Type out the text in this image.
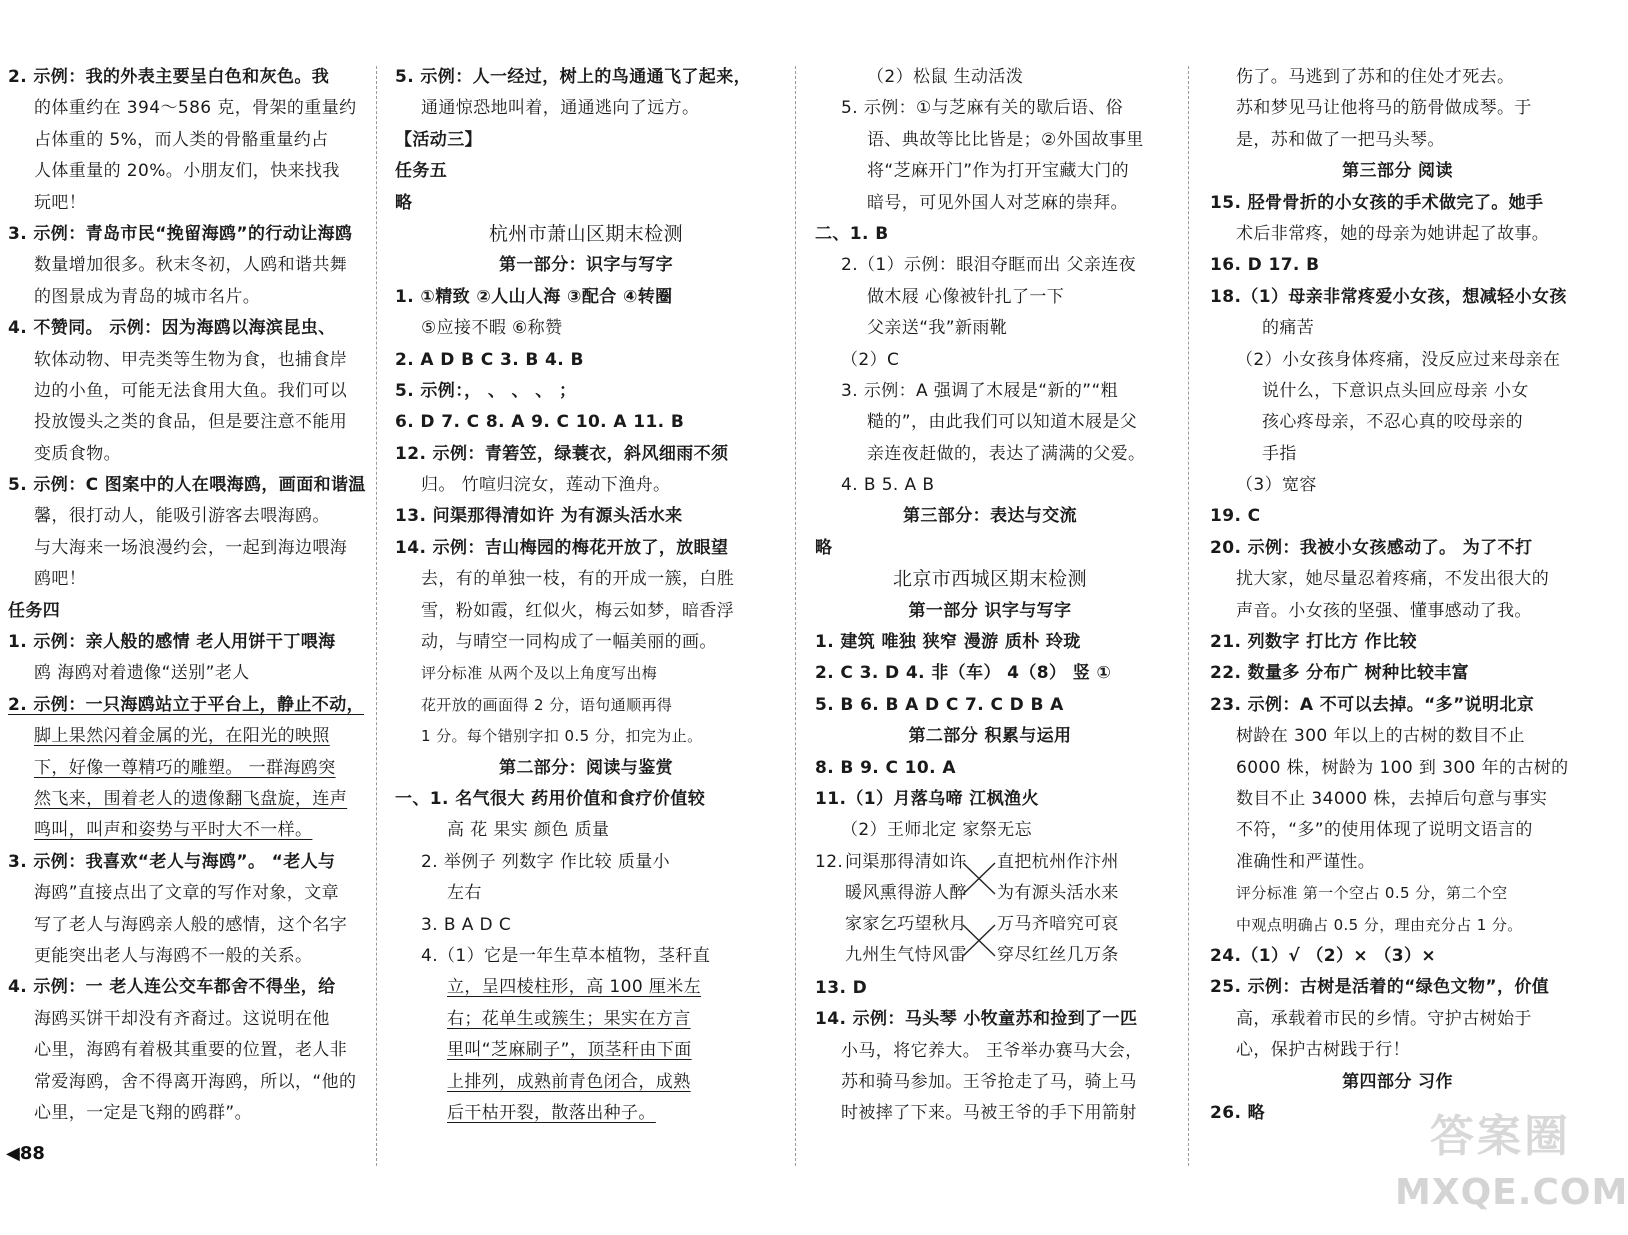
2. 示例：我的外表主要呈白色和灰色。我
的体重约在 394～586 克，骨架的重量约
占体重的 5%，而人类的骨骼重量约占
人体重量的 20%。小朋友们，快来找我
玩吧！
3. 示例：青岛市民“挽留海鸥”的行动让海鸥
数量增加很多。秋末冬初，人鸥和谐共舞
的图景成为青岛的城市名片。
4. 不赞同。 示例：因为海鸥以海滨昆虫、
软体动物、甲壳类等生物为食，也捕食岸
边的小鱼，可能无法食用大鱼。我们可以
投放馒头之类的食品，但是要注意不能用
变质食物。
5. 示例：C 图案中的人在喂海鸥，画面和谐温
馨，很打动人，能吸引游客去喂海鸥。
与大海来一场浪漫约会，一起到海边喂海
鸥吧！
任务四
1. 示例：亲人般的感情 老人用饼干丁喂海
鸥 海鸥对着遗像“送别”老人
2. 示例：一只海鸥站立于平台上，静止不动，
脚上果然闪着金属的光，在阳光的映照
下，好像一尊精巧的雕塑。 一群海鸥突
然飞来，围着老人的遗像翻飞盘旋，连声
鸣叫，叫声和姿势与平时大不一样。
3. 示例：我喜欢“老人与海鸥”。 “老人与
海鸥”直接点出了文章的写作对象，文章
写了老人与海鸥亲人般的感情，这个名字
更能突出老人与海鸥不一般的关系。
4. 示例：一 老人连公交车都舍不得坐，给
海鸥买饼干却没有齐裔过。这说明在他
心里，海鸥有着极其重要的位置，老人非
常爱海鸥，舍不得离开海鸥，所以，“他的
心里，一定是飞翔的鸥群”。
5. 示例：人一经过，树上的鸟通通飞了起来，
通通惊恐地叫着，通通逃向了远方。
【活动三】
任务五
略
杭州市萧山区期末检测
第一部分：识字与写字
1. ①精致 ②人山人海 ③配合 ④转圈
⑤应接不暇 ⑥称赞
2. A D B C 3. B 4. B
5. 示例：， 、 、 、 ；
6. D 7. C 8. A 9. C 10. A 11. B
12. 示例：青箬笠，绿蓑衣，斜风细雨不须
归。 竹喧归浣女，莲动下渔舟。
13. 问渠那得清如许 为有源头活水来
14. 示例：吉山梅园的梅花开放了，放眼望
去，有的单独一枝，有的开成一簇，白胜
雪，粉如霞，红似火，梅云如梦，暗香浮
动，与晴空一同构成了一幅美丽的画。
评分标准 从两个及以上角度写出梅
花开放的画面得 2 分，语句通顺再得
1 分。每个错别字扣 0.5 分，扣完为止。
第二部分：阅读与鉴赏
一、1. 名气很大 药用价值和食疗价值较
高 花 果实 颜色 质量
2. 举例子 列数字 作比较 质量小
左右
3. B A D C
4.（1）它是一年生草本植物，茎秆直
立，呈四棱柱形，高 100 厘米左
右；花单生或簇生；果实在方言
里叫“芝麻刷子”，顶茎秆由下面
上排列，成熟前青色闭合，成熟
后干枯开裂，散落出种子。
（2）松鼠 生动活泼
5. 示例：①与芝麻有关的歇后语、俗
语、典故等比比皆是；②外国故事里
将“芝麻开门”作为打开宝藏大门的
暗号，可见外国人对芝麻的崇拜。
二、1. B
2.（1）示例：眼泪夺眶而出 父亲连夜
做木屐 心像被针扎了一下
父亲送“我”新雨靴
（2）C
3. 示例：A 强调了木屐是“新的”“粗
糙的”，由此我们可以知道木屐是父
亲连夜赶做的，表达了满满的父爱。
4. B 5. A B
第三部分：表达与交流
略
北京市西城区期末检测
第一部分 识字与写字
1. 建筑 唯独 狭窄 漫游 质朴 玲珑
2. C 3. D 4. 非（车） 4（8） 竖 ①
5. B 6. B A D C 7. C D B A
第二部分 积累与运用
8. B 9. C 10. A
11.（1）月落乌啼 江枫渔火
（2）王师北定 家祭无忘
12. 问渠那得清如许
暖风熏得游人醉
家家乞巧望秋月
九州生气恃风雷
直把杭州作汴州
为有源头活水来
万马齐喑究可哀
穿尽红丝几万条
13. D
14. 示例：马头琴 小牧童苏和捡到了一匹
小马，将它养大。 王爷举办赛马大会，
苏和骑马参加。王爷抢走了马，骑上马
时被摔了下来。马被王爷的手下用箭射
伤了。马逃到了苏和的住处才死去。
苏和梦见马让他将马的筋骨做成琴。于
是，苏和做了一把马头琴。
第三部分 阅读
15. 胫骨骨折的小女孩的手术做完了。她手
术后非常疼，她的母亲为她讲起了故事。
16. D 17. B
18.（1）母亲非常疼爱小女孩，想减轻小女孩
的痛苦
（2）小女孩身体疼痛，没反应过来母亲在
说什么，下意识点头回应母亲 小女
孩心疼母亲，不忍心真的咬母亲的
手指
（3）宽容
19. C
20. 示例：我被小女孩感动了。 为了不打
扰大家，她尽量忍着疼痛，不发出很大的
声音。小女孩的坚强、懂事感动了我。
21. 列数字 打比方 作比较
22. 数量多 分布广 树种比较丰富
23. 示例：A 不可以去掉。“多”说明北京
树龄在 300 年以上的古树的数目不止
6000 株，树龄为 100 到 300 年的古树的
数目不止 34000 株，去掉后句意与事实
不符，“多”的使用体现了说明文语言的
准确性和严谨性。
评分标准 第一个空占 0.5 分，第二个空
中观点明确占 0.5 分，理由充分占 1 分。
24.（1）√ （2）× （3）×
25. 示例：古树是活着的“绿色文物”，价值
高，承载着市民的乡情。守护古树始于
心，保护古树践于行！
第四部分 习作
26. 略
◀88	答案圈
MXQE.COM
